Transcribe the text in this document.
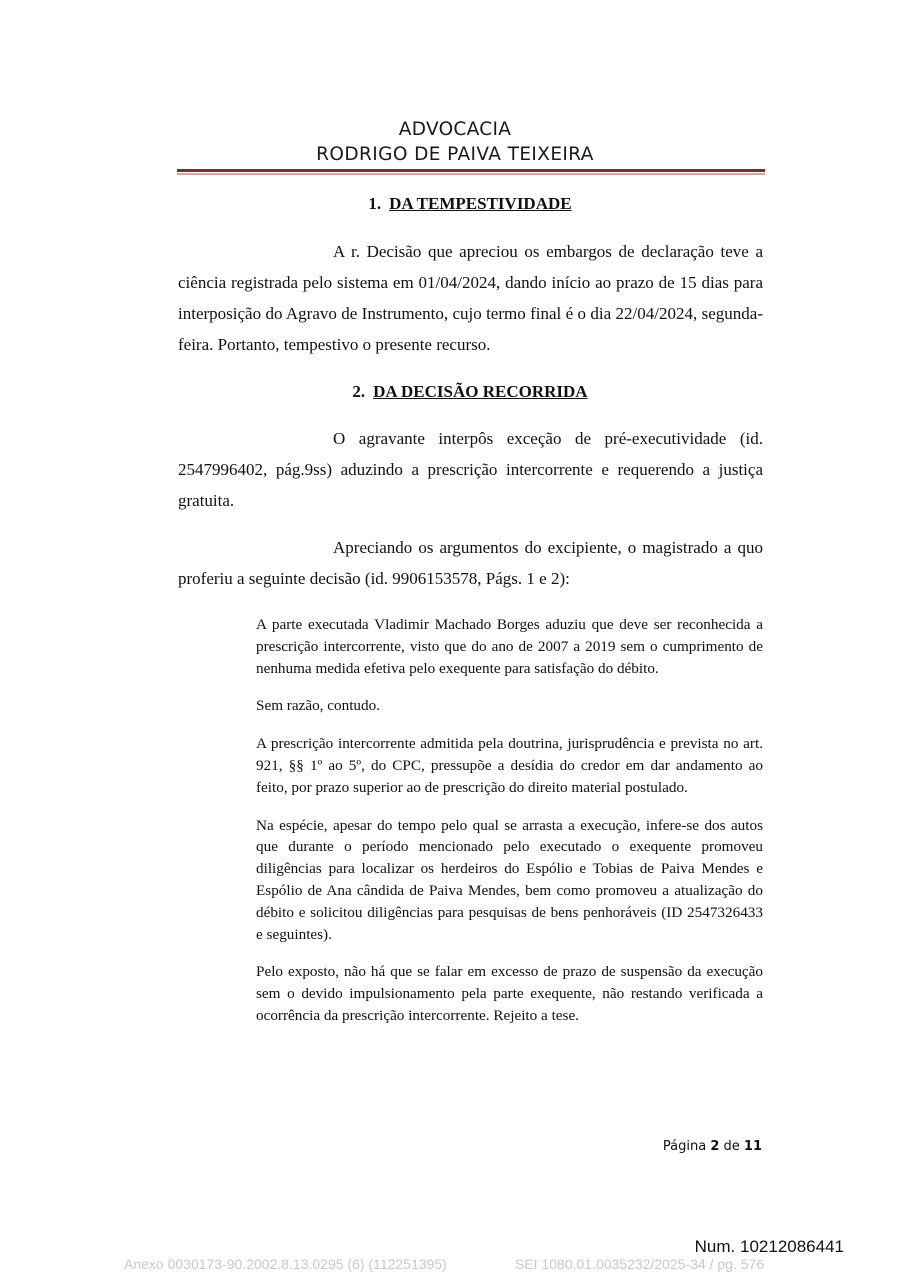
ADVOCACIA
RODRIGO DE PAIVA TEIXEIRA
1. DA TEMPESTIVIDADE

A r. Decisão que apreciou os embargos de declaração teve a ciência registrada pelo sistema em 01/04/2024, dando início ao prazo de 15 dias para interposição do Agravo de Instrumento, cujo termo final é o dia 22/04/2024, segunda-feira. Portanto, tempestivo o presente recurso.

2. DA DECISÃO RECORRIDA

O agravante interpôs exceção de pré-executividade (id. 2547996402, pág.9ss) aduzindo a prescrição intercorrente e requerendo a justiça gratuita.

Apreciando os argumentos do excipiente, o magistrado a quo proferiu a seguinte decisão (id. 9906153578, Págs. 1 e 2):

A parte executada Vladimir Machado Borges aduziu que deve ser reconhecida a prescrição intercorrente, visto que do ano de 2007 a 2019 sem o cumprimento de nenhuma medida efetiva pelo exequente para satisfação do débito.

Sem razão, contudo.

A prescrição intercorrente admitida pela doutrina, jurisprudência e prevista no art. 921, §§ 1º ao 5º, do CPC, pressupõe a desídia do credor em dar andamento ao feito, por prazo superior ao de prescrição do direito material postulado.

Na espécie, apesar do tempo pelo qual se arrasta a execução, infere-se dos autos que durante o período mencionado pelo executado o exequente promoveu diligências para localizar os herdeiros do Espólio e Tobias de Paiva Mendes e Espólio de Ana cândida de Paiva Mendes, bem como promoveu a atualização do débito e solicitou diligências para pesquisas de bens penhoráveis (ID 2547326433 e seguintes).

Pelo exposto, não há que se falar em excesso de prazo de suspensão da execução sem o devido impulsionamento pela parte exequente, não restando verificada a ocorrência da prescrição intercorrente. Rejeito a tese.

Página 2 de 11
Num. 10212086441
Anexo 0030173-90.2002.8.13.0295 (6) (112251395)	SEI 1080.01.0035232/2025-34 / pg. 576
